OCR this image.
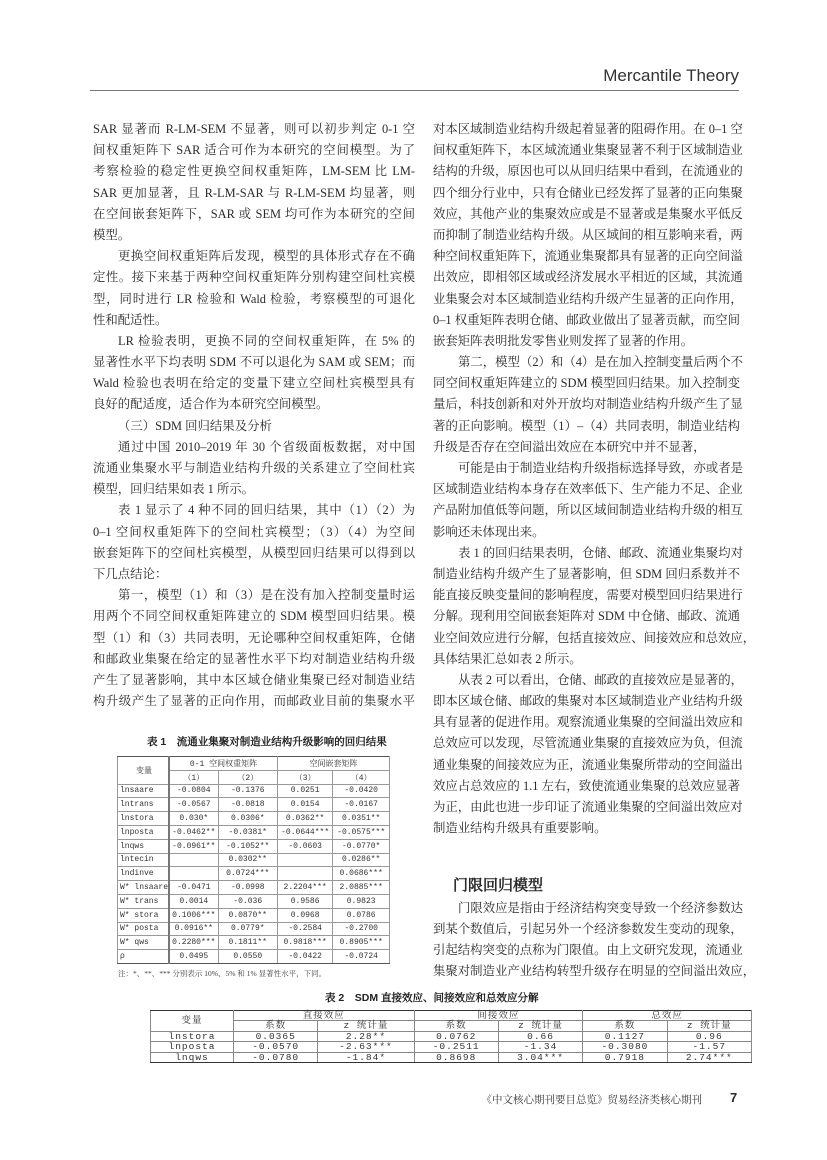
Mercantile Theory
SAR 显著而 R-LM-SEM 不显著，则可以初步判定 0-1 空
间权重矩阵下 SAR 适合可作为本研究的空间模型。为了
考察检验的稳定性更换空间权重矩阵，LM-SEM 比 LM-
SAR 更加显著，且 R-LM-SAR 与 R-LM-SEM 均显著，则
在空间嵌套矩阵下，SAR 或 SEM 均可作为本研究的空间
模型。
更换空间权重矩阵后发现，模型的具体形式存在不确
定性。接下来基于两种空间权重矩阵分别构建空间杜宾模
型，同时进行 LR 检验和 Wald 检验，考察模型的可退化
性和配适性。
LR 检验表明，更换不同的空间权重矩阵，在 5% 的
显著性水平下均表明 SDM 不可以退化为 SAM 或 SEM；而
Wald 检验也表明在给定的变量下建立空间杜宾模型具有
良好的配适度，适合作为本研究空间模型。
（三）SDM 回归结果及分析
通过中国 2010–2019 年 30 个省级面板数据，对中国
流通业集聚水平与制造业结构升级的关系建立了空间杜宾
模型，回归结果如表 1 所示。
表 1 显示了 4 种不同的回归结果，其中（1）（2）为
0–1 空间权重矩阵下的空间杜宾模型；（3）（4）为空间
嵌套矩阵下的空间杜宾模型，从模型回归结果可以得到以
下几点结论：
第一，模型（1）和（3）是在没有加入控制变量时运
用两个不同空间权重矩阵建立的 SDM 模型回归结果。模
型（1）和（3）共同表明，无论哪种空间权重矩阵，仓储
和邮政业集聚在给定的显著性水平下均对制造业结构升级
产生了显著影响，其中本区域仓储业集聚已经对制造业结
构升级产生了显著的正向作用，而邮政业目前的集聚水平
对本区域制造业结构升级起着显著的阻碍作用。在 0–1 空
间权重矩阵下，本区域流通业集聚显著不利于区域制造业
结构的升级，原因也可以从回归结果中看到，在流通业的
四个细分行业中，只有仓储业已经发挥了显著的正向集聚
效应，其他产业的集聚效应或是不显著或是集聚水平低反
而抑制了制造业结构升级。从区域间的相互影响来看，两
种空间权重矩阵下，流通业集聚都具有显著的正向空间溢
出效应，即相邻区域或经济发展水平相近的区域，其流通
业集聚会对本区域制造业结构升级产生显著的正向作用，
0–1 权重矩阵表明仓储、邮政业做出了显著贡献，而空间
嵌套矩阵表明批发零售业则发挥了显著的作用。
第二，模型（2）和（4）是在加入控制变量后两个不
同空间权重矩阵建立的 SDM 模型回归结果。加入控制变
量后，科技创新和对外开放均对制造业结构升级产生了显
著的正向影响。模型（1）–（4）共同表明，制造业结构
升级是否存在空间溢出效应在本研究中并不显著，
可能是由于制造业结构升级指标选择导致，亦或者是
区域制造业结构本身存在效率低下、生产能力不足、企业
产品附加值低等问题，所以区域间制造业结构升级的相互
影响还未体现出来。
表 1 的回归结果表明，仓储、邮政、流通业集聚均对
制造业结构升级产生了显著影响，但 SDM 回归系数并不
能直接反映变量间的影响程度，需要对模型回归结果进行
分解。现利用空间嵌套矩阵对 SDM 中仓储、邮政、流通
业空间效应进行分解，包括直接效应、间接效应和总效应，
具体结果汇总如表 2 所示。
从表 2 可以看出，仓储、邮政的直接效应是显著的，
即本区域仓储、邮政的集聚对本区域制造业产业结构升级
具有显著的促进作用。观察流通业集聚的空间溢出效应和
总效应可以发现，尽管流通业集聚的直接效应为负，但流
通业集聚的间接效应为正，流通业集聚所带动的空间溢出
效应占总效应的 1.1 左右，致使流通业集聚的总效应显著
为正，由此也进一步印证了流通业集聚的空间溢出效应对
制造业结构升级具有重要影响。
门限回归模型
门限效应是指由于经济结构突变导致一个经济参数达
到某个数值后，引起另外一个经济参数发生变动的现象，
引起结构突变的点称为门限值。由上文研究发现，流通业
集聚对制造业产业结构转型升级存在明显的空间溢出效应，
表 1　流通业集聚对制造业结构升级影响的回归结果
变量	0-1 空间权重矩阵		空间嵌套矩阵	
	（1）	（2）	（3）	（4）
lnsaare	-0.0804	-0.1376	0.0251	-0.0420
lntrans	-0.0567	-0.0818	0.0154	-0.0167
lnstora	0.030*	0.0306*	0.0362**	0.0351**
lnposta	-0.0462**	-0.0381*	-0.0644***	-0.0575***
lnqws	-0.0961**	-0.1052**	-0.0603	-0.0770*
lntecin		0.0302**		0.0286**
lndinve		0.0724***		0.0686***
W* lnsaare	-0.0471	-0.0998	2.2204***	2.0885***
W* trans	0.0014	-0.036	0.9586	0.9823
W* stora	0.1006***	0.0870**	0.0968	0.0786
W* posta	0.0916**	0.0779*	-0.2584	-0.2700
W* qws	0.2280***	0.1811**	0.9818***	0.8905***
ρ	0.0495	0.0550	-0.0422	-0.0724
注：*、**、*** 分别表示 10%、5% 和 1% 显著性水平，下同。
表 2　SDM 直接效应、间接效应和总效应分解
变量	直接效应		间接效应		总效应	
	系数	z 统计量	系数	z 统计量	系数	z 统计量
lnstora	0.0365	2.28**	0.0762	0.66	0.1127	0.96
lnposta	-0.0570	-2.63***	-0.2511	-1.34	-0.3080	-1.57
lnqws	-0.0780	-1.84*	0.8698	3.04***	0.7918	2.74***
《中文核心期刊要目总览》贸易经济类核心期刊 7
